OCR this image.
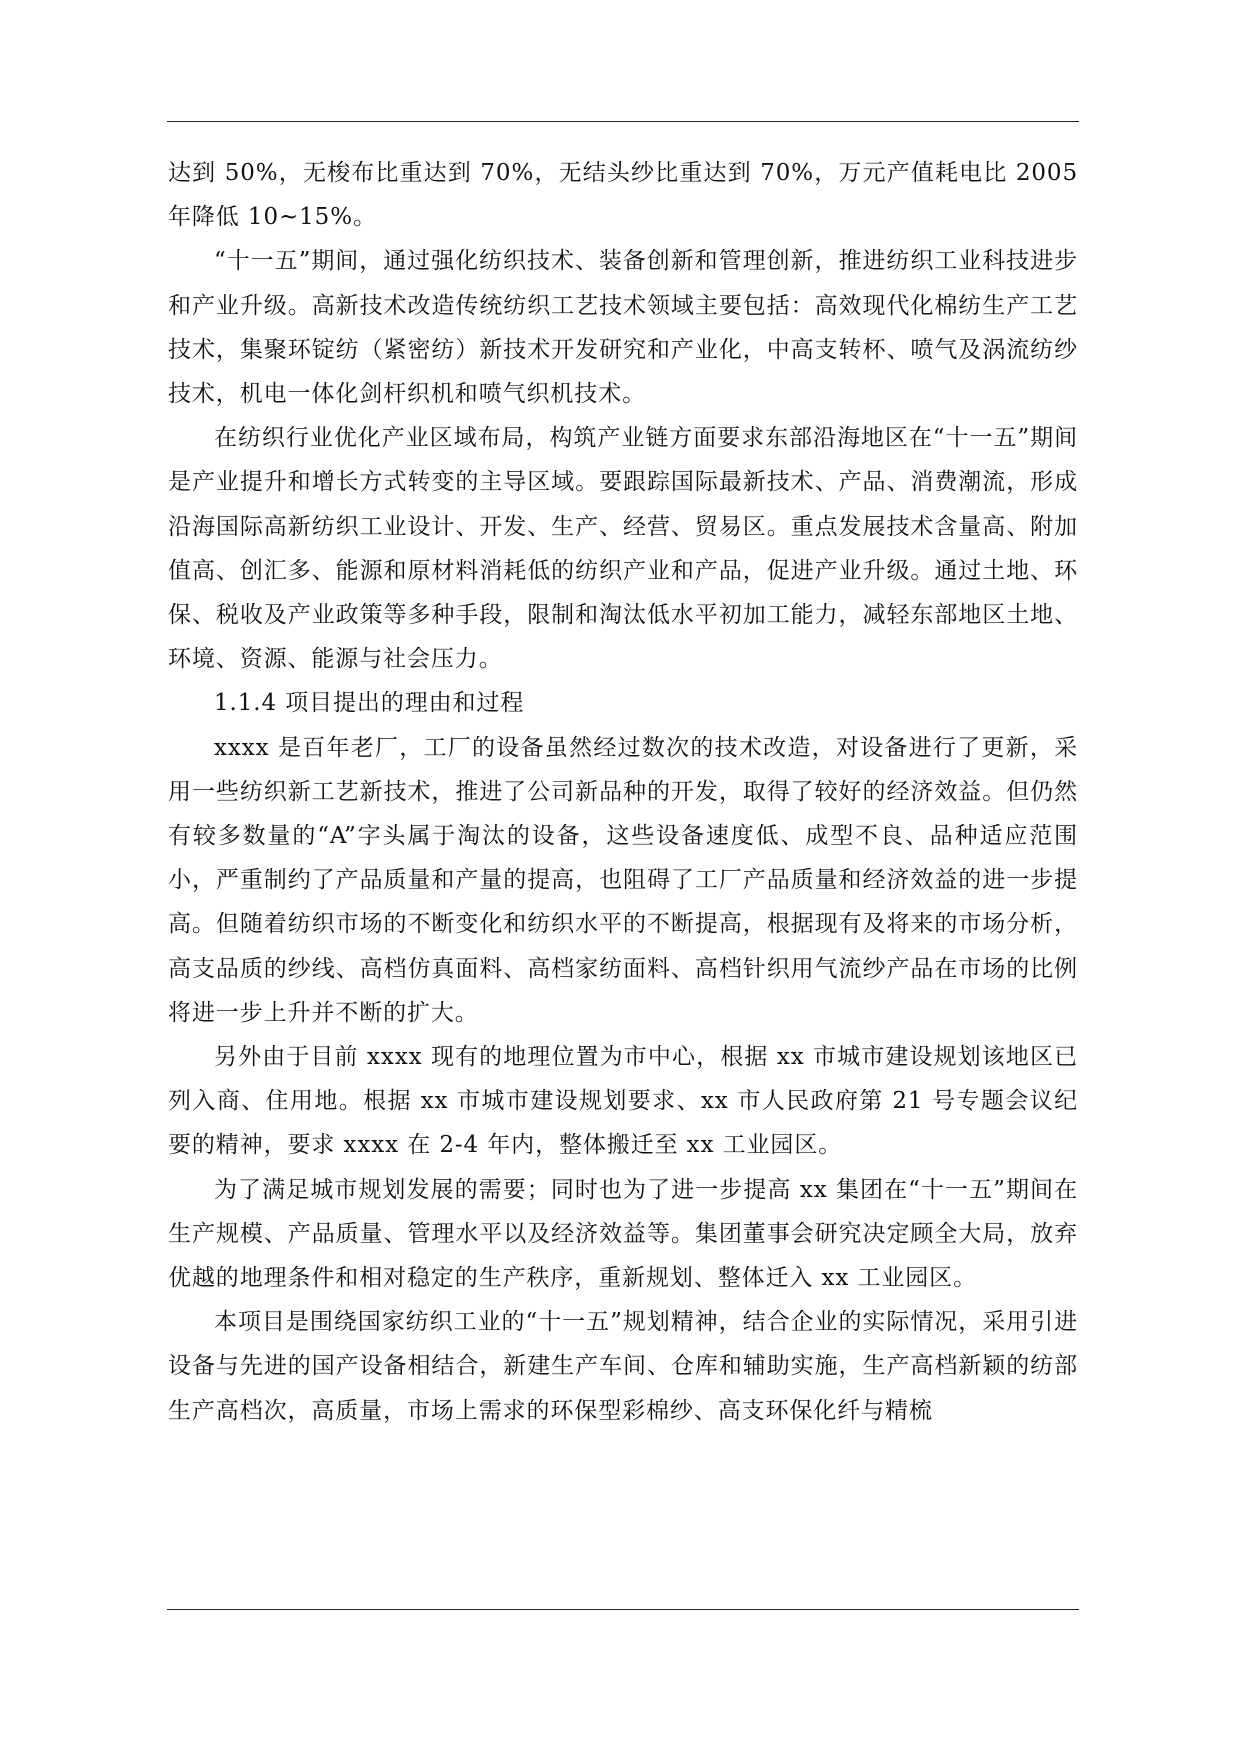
达到 50%，无梭布比重达到 70%，无结头纱比重达到 70%，万元产值耗电比 2005 年降低 10~15%。

“十一五”期间，通过强化纺织技术、装备创新和管理创新，推进纺织工业科技进步和产业升级。高新技术改造传统纺织工艺技术领域主要包括：高效现代化棉纺生产工艺技术，集聚环锭纺（紧密纺）新技术开发研究和产业化，中高支转杯、喷气及涡流纺纱技术，机电一体化剑杆织机和喷气织机技术。

在纺织行业优化产业区域布局，构筑产业链方面要求东部沿海地区在“十一五”期间是产业提升和增长方式转变的主导区域。要跟踪国际最新技术、产品、消费潮流，形成沿海国际高新纺织工业设计、开发、生产、经营、贸易区。重点发展技术含量高、附加值高、创汇多、能源和原材料消耗低的纺织产业和产品，促进产业升级。通过土地、环保、税收及产业政策等多种手段，限制和淘汰低水平初加工能力，减轻东部地区土地、环境、资源、能源与社会压力。

1.1.4 项目提出的理由和过程

xxxx 是百年老厂，工厂的设备虽然经过数次的技术改造，对设备进行了更新，采用一些纺织新工艺新技术，推进了公司新品种的开发，取得了较好的经济效益。但仍然有较多数量的“A”字头属于淘汰的设备，这些设备速度低、成型不良、品种适应范围小，严重制约了产品质量和产量的提高，也阻碍了工厂产品质量和经济效益的进一步提高。但随着纺织市场的不断变化和纺织水平的不断提高，根据现有及将来的市场分析，高支品质的纱线、高档仿真面料、高档家纺面料、高档针织用气流纱产品在市场的比例将进一步上升并不断的扩大。

另外由于目前 xxxx 现有的地理位置为市中心，根据 xx 市城市建设规划该地区已列入商、住用地。根据 xx 市城市建设规划要求、xx 市人民政府第 21 号专题会议纪要的精神，要求 xxxx 在 2-4 年内，整体搬迁至 xx 工业园区。

为了满足城市规划发展的需要；同时也为了进一步提高 xx 集团在“十一五”期间在生产规模、产品质量、管理水平以及经济效益等。集团董事会研究决定顾全大局，放弃优越的地理条件和相对稳定的生产秩序，重新规划、整体迁入 xx 工业园区。

本项目是围绕国家纺织工业的“十一五”规划精神，结合企业的实际情况，采用引进设备与先进的国产设备相结合，新建生产车间、仓库和辅助实施，生产高档新颖的纺部生产高档次，高质量，市场上需求的环保型彩棉纱、高支环保化纤与精梳
